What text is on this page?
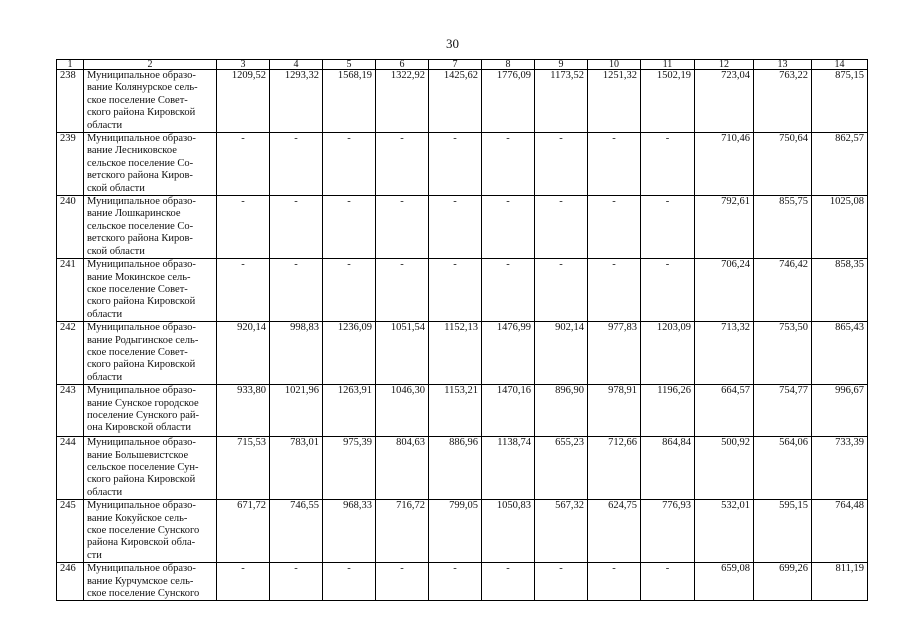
30
1	2	3	4	5	6	7	8	9	10	11	12	13	14
238	Муниципальное образо-
вание Колянурское сель-
ское поселение Совет-
ского района Кировской
области	1209,52	1293,32	1568,19	1322,92	1425,62	1776,09	1173,52	1251,32	1502,19	723,04	763,22	875,15
239	Муниципальное образо-
вание Лесниковское
сельское поселение Со-
ветского района Киров-
ской области	-	-	-	-	-	-	-	-	-	710,46	750,64	862,57
240	Муниципальное образо-
вание Лошкаринское
сельское поселение Со-
ветского района Киров-
ской области	-	-	-	-	-	-	-	-	-	792,61	855,75	1025,08
241	Муниципальное образо-
вание Мокинское сель-
ское поселение Совет-
ского района Кировской
области	-	-	-	-	-	-	-	-	-	706,24	746,42	858,35
242	Муниципальное образо-
вание Родыгинское сель-
ское поселение Совет-
ского района Кировской
области	920,14	998,83	1236,09	1051,54	1152,13	1476,99	902,14	977,83	1203,09	713,32	753,50	865,43
243	Муниципальное образо-
вание Сунское городское
поселение Сунского рай-
она Кировской области	933,80	1021,96	1263,91	1046,30	1153,21	1470,16	896,90	978,91	1196,26	664,57	754,77	996,67
244	Муниципальное образо-
вание Большевистское
сельское поселение Сун-
ского района Кировской
области	715,53	783,01	975,39	804,63	886,96	1138,74	655,23	712,66	864,84	500,92	564,06	733,39
245	Муниципальное образо-
вание Кокуйское сель-
ское поселение Сунского
района Кировской обла-
сти	671,72	746,55	968,33	716,72	799,05	1050,83	567,32	624,75	776,93	532,01	595,15	764,48
246	Муниципальное образо-
вание Курчумское сель-
ское поселение Сунского	-	-	-	-	-	-	-	-	-	659,08	699,26	811,19
